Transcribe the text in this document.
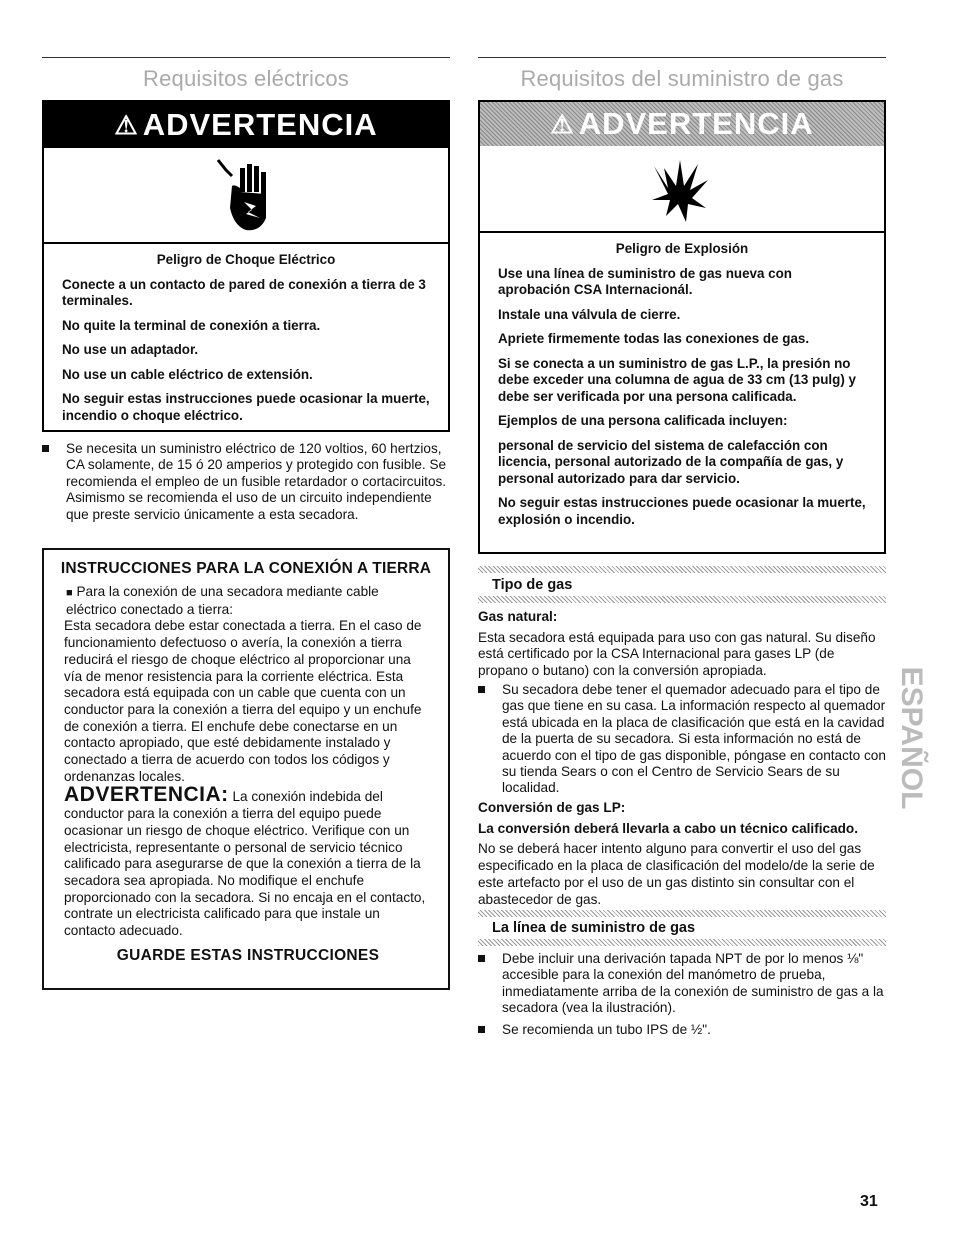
Requisitos eléctricos	Requisitos del suministro de gas
⚠ ADVERTENCIA

Peligro de Choque Eléctrico

Conecte a un contacto de pared de conexión a tierra de 3 terminales.

No quite la terminal de conexión a tierra.

No use un adaptador.

No use un cable eléctrico de extensión.

No seguir estas instrucciones puede ocasionar la muerte, incendio o choque eléctrico.

Se necesita un suministro eléctrico de 120 voltios, 60 hertzios, CA solamente, de 15 ó 20 amperios y protegido con fusible. Se recomienda el empleo de un fusible retardador o cortacircuitos. Asimismo se recomienda el uso de un circuito independiente que preste servicio únicamente a esta secadora.
INSTRUCCIONES PARA LA CONEXIÓN A TIERRA

■ Para la conexión de una secadora mediante cable eléctrico conectado a tierra:

Esta secadora debe estar conectada a tierra. En el caso de funcionamiento defectuoso o avería, la conexión a tierra reducirá el riesgo de choque eléctrico al proporcionar una vía de menor resistencia para la corriente eléctrica. Esta secadora está equipada con un cable que cuenta con un conductor para la conexión a tierra del equipo y un enchufe de conexión a tierra. El enchufe debe conectarse en un contacto apropiado, que esté debidamente instalado y conectado a tierra de acuerdo con todos los códigos y ordenanzas locales.

ADVERTENCIA: La conexión indebida del conductor para la conexión a tierra del equipo puede ocasionar un riesgo de choque eléctrico. Verifique con un electricista, representante o personal de servicio técnico calificado para asegurarse de que la conexión a tierra de la secadora sea apropiada. No modifique el enchufe proporcionado con la secadora. Si no encaja en el contacto, contrate un electricista calificado para que instale un contacto adecuado.

GUARDE ESTAS INSTRUCCIONES
⚠ ADVERTENCIA

Peligro de Explosión

Use una línea de suministro de gas nueva con aprobación CSA Internacionál.

Instale una válvula de cierre.

Apriete firmemente todas las conexiones de gas.

Si se conecta a un suministro de gas L.P., la presión no debe exceder una columna de agua de 33 cm (13 pulg) y debe ser verificada por una persona calificada.

Ejemplos de una persona calificada incluyen:

personal de servicio del sistema de calefacción con licencia, personal autorizado de la compañía de gas, y personal autorizado para dar servicio.

No seguir estas instrucciones puede ocasionar la muerte, explosión o incendio.

Tipo de gas

Gas natural:

Esta secadora está equipada para uso con gas natural. Su diseño está certificado por la CSA Internacional para gases LP (de propano o butano) con la conversión apropiada.

Su secadora debe tener el quemador adecuado para el tipo de gas que tiene en su casa. La información respecto al quemador está ubicada en la placa de clasificación que está en la cavidad de la puerta de su secadora. Si esta información no está de acuerdo con el tipo de gas disponible, póngase en contacto con su tienda Sears o con el Centro de Servicio Sears de su localidad.

Conversión de gas LP:

La conversión deberá llevarla a cabo un técnico calificado.

No se deberá hacer intento alguno para convertir el uso del gas especificado en la placa de clasificación del modelo/de la serie de este artefacto por el uso de un gas distinto sin consultar con el abastecedor de gas.

La línea de suministro de gas
Debe incluir una derivación tapada NPT de por lo menos ⅛" accesible para la conexión del manómetro de prueba, inmediatamente arriba de la conexión de suministro de gas a la secadora (vea la ilustración).
Se recomienda un tubo IPS de ½".
ESPAÑOL
31
